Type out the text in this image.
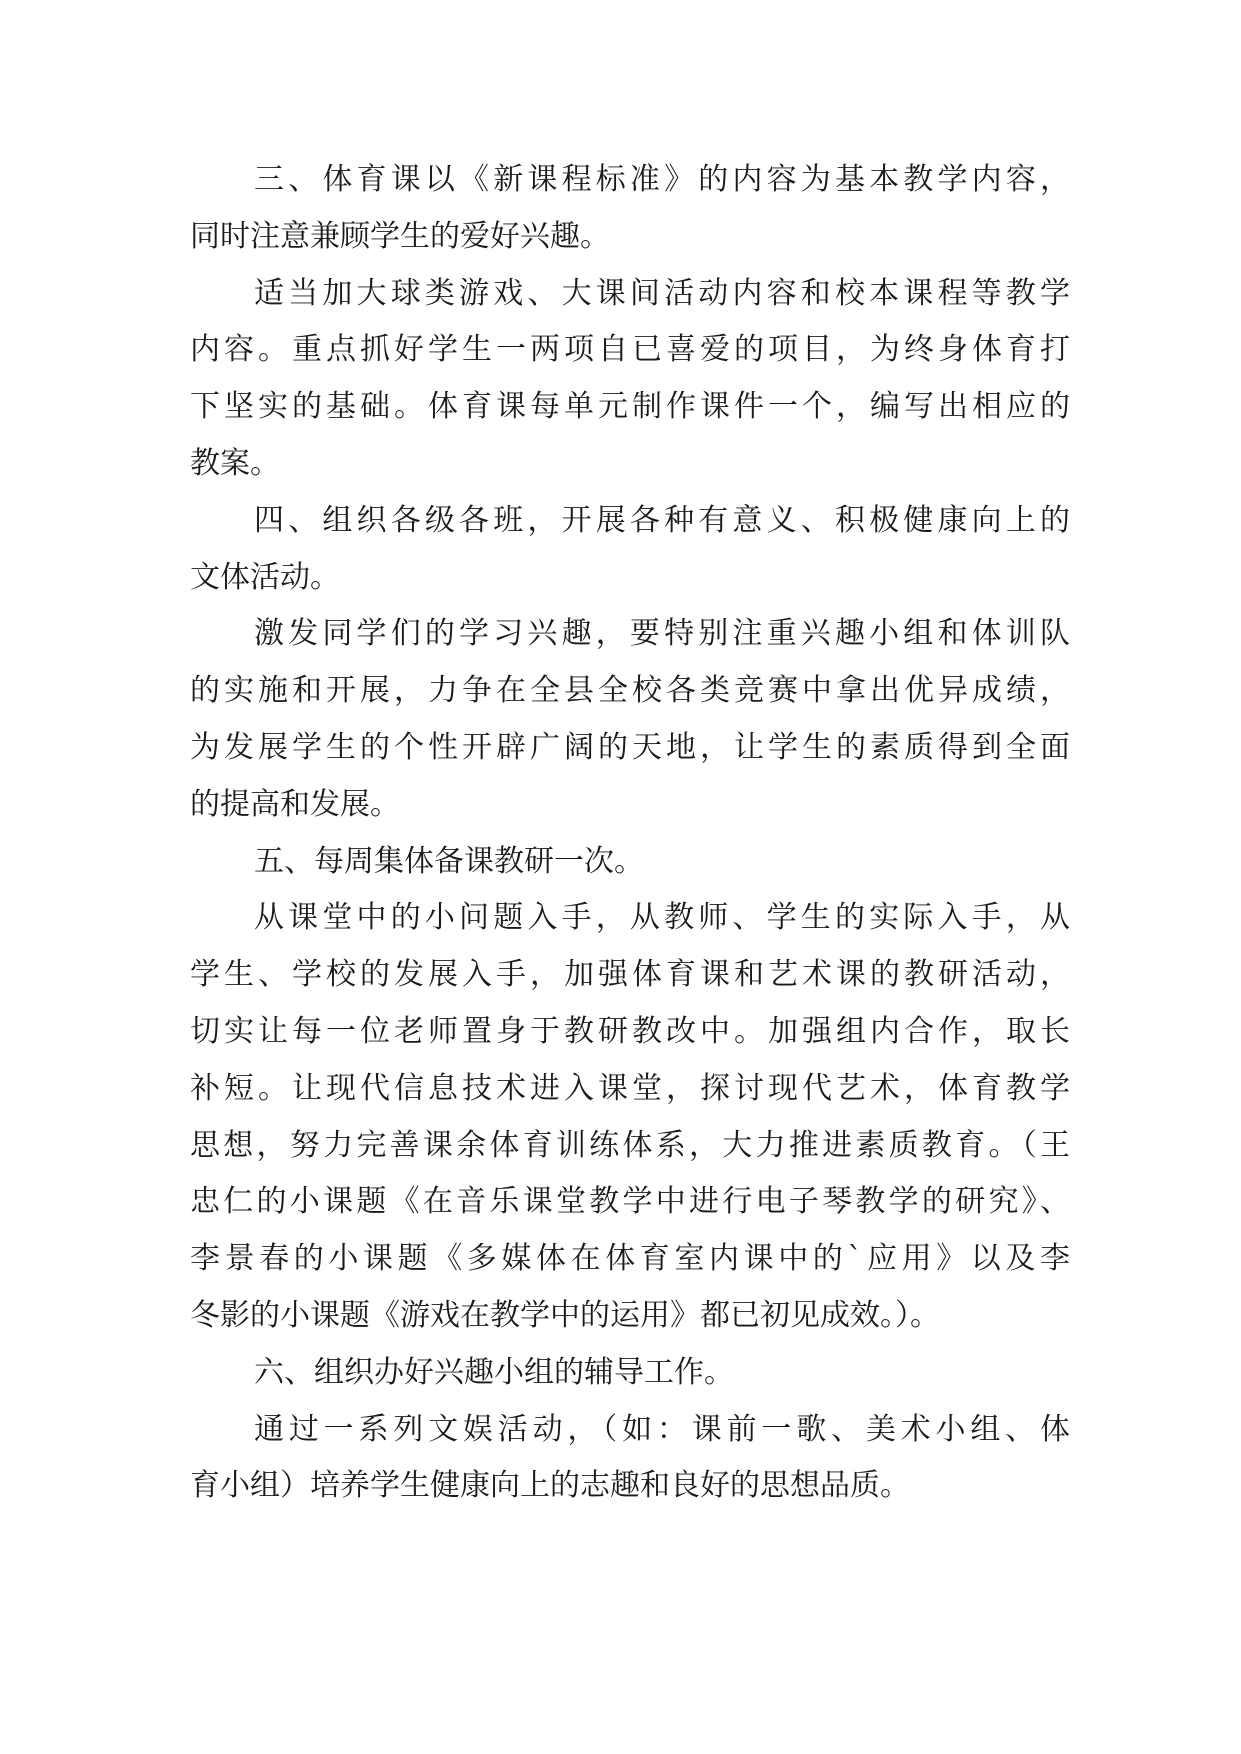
三、体育课以《新课程标准》的内容为基本教学内容，
同时注意兼顾学生的爱好兴趣。
适当加大球类游戏、大课间活动内容和校本课程等教学
内容。重点抓好学生一两项自已喜爱的项目，为终身体育打
下坚实的基础。体育课每单元制作课件一个，编写出相应的
教案。
四、组织各级各班，开展各种有意义、积极健康向上的
文体活动。
激发同学们的学习兴趣，要特别注重兴趣小组和体训队
的实施和开展，力争在全县全校各类竞赛中拿出优异成绩，
为发展学生的个性开辟广阔的天地，让学生的素质得到全面
的提高和发展。
五、每周集体备课教研一次。
从课堂中的小问题入手，从教师、学生的实际入手，从
学生、学校的发展入手，加强体育课和艺术课的教研活动，
切实让每一位老师置身于教研教改中。加强组内合作，取长
补短。让现代信息技术进入课堂，探讨现代艺术，体育教学
思想，努力完善课余体育训练体系，大力推进素质教育。（王
忠仁的小课题《在音乐课堂教学中进行电子琴教学的研究》、
李景春的小课题《多媒体在体育室内课中的`应用》以及李
冬影的小课题《游戏在教学中的运用》都已初见成效。）。
六、组织办好兴趣小组的辅导工作。
通过一系列文娱活动，（如：课前一歌、美术小组、体
育小组）培养学生健康向上的志趣和良好的思想品质。
